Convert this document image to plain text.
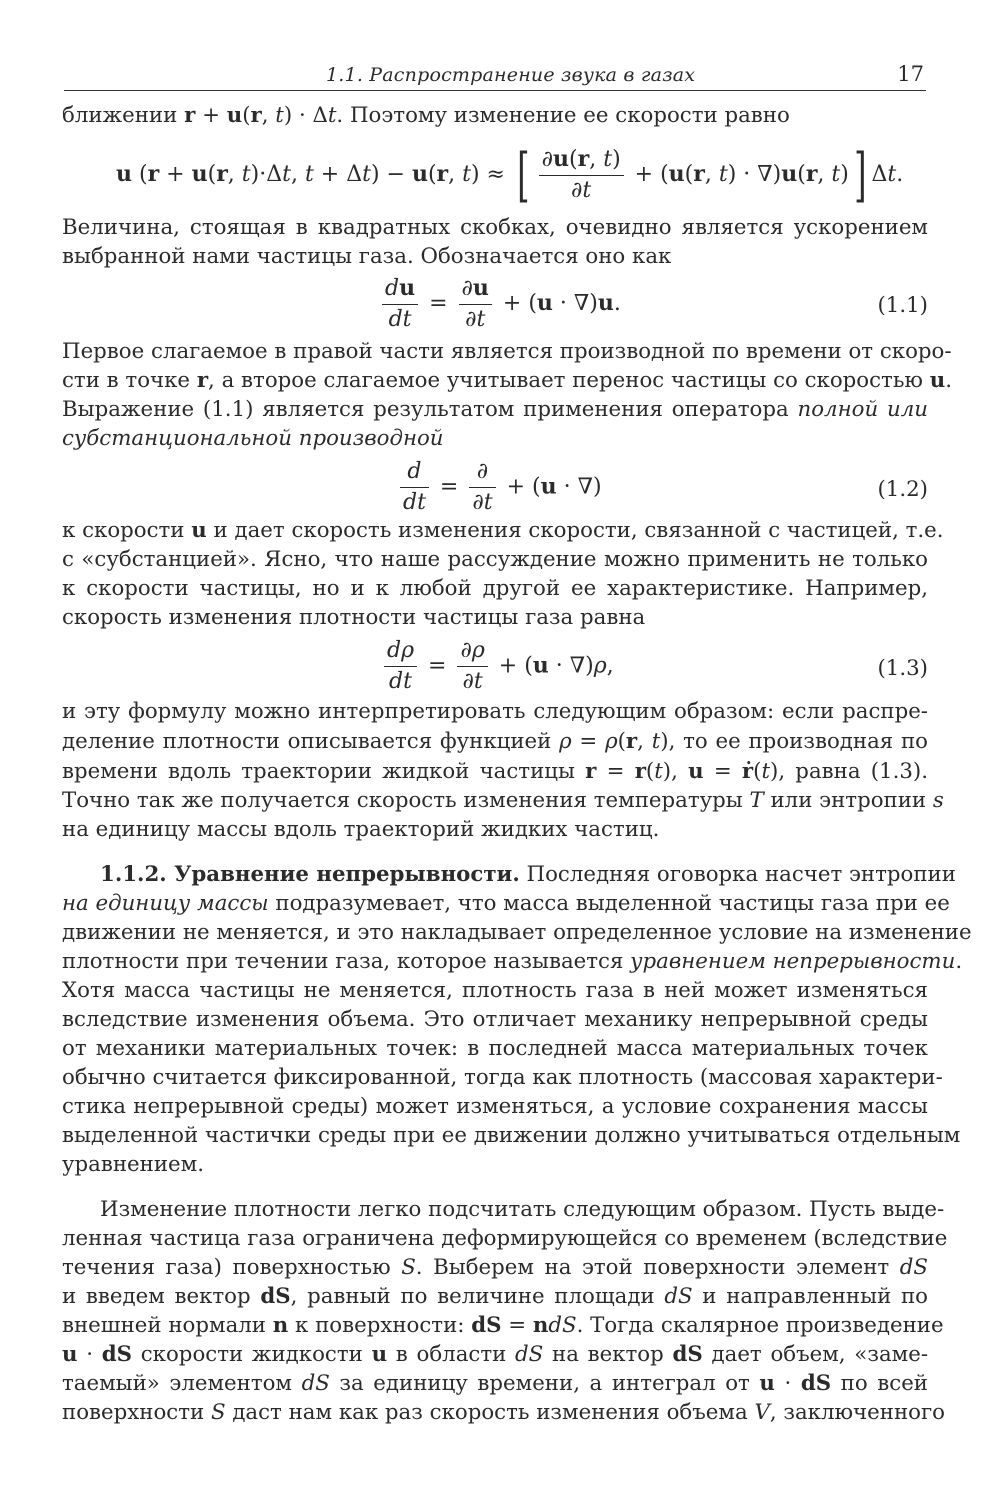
1.1. Распространение звука в газах	17
ближении r + u(r, t) · Δt. Поэтому изменение ее скорости равно
u (r + u(r, t)·Δt, t + Δt) − u(r, t) ≈ [ $\frac{\partial u(r, t)}{\partial t} + (u(r$, t) · ∇)u(r, t)] Δt.
Величина, стоящая в квадратных скобках, очевидно является ускорением
выбранной нами частицы газа. Обозначается оно как
$\frac{du}{dt} = \frac{\partial u}{\partial t} + (u \cdot \nabla)u$.	(1.1)
Первое слагаемое в правой части является производной по времени от скоро-
сти в точке r, а второе слагаемое учитывает перенос частицы со скоростью u.
Выражение (1.1) является результатом применения оператора полной или
субстанциональной производной
$\frac{d}{dt} = \frac{\partial}{\partial t} + (u$ · ∇)	(1.2)
к скорости u и дает скорость изменения скорости, связанной с частицей, т.е.
с «субстанцией». Ясно, что наше рассуждение можно применить не только
к скорости частицы, но и к любой другой ее характеристике. Например,
скорость изменения плотности частицы газа равна
$\frac{d\rho}{dt} = \frac{\partial\rho}{\partial t} + (u \cdot \nabla)\rho$,	(1.3)
и эту формулу можно интерпретировать следующим образом: если распре-
деление плотности описывается функцией ρ = ρ(r, t), то ее производная по
времени вдоль траектории жидкой частицы r = r(t), u = ṙ(t), равна (1.3).
Точно так же получается скорость изменения температуры T или энтропии s
на единицу массы вдоль траекторий жидких частиц.
1.1.2. Уравнение непрерывности. Последняя оговорка насчет энтропии
на единицу массы подразумевает, что масса выделенной частицы газа при ее
движении не меняется, и это накладывает определенное условие на изменение
плотности при течении газа, которое называется уравнением непрерывности.
Хотя масса частицы не меняется, плотность газа в ней может изменяться
вследствие изменения объема. Это отличает механику непрерывной среды
от механики материальных точек: в последней масса материальных точек
обычно считается фиксированной, тогда как плотность (массовая характери-
стика непрерывной среды) может изменяться, а условие сохранения массы
выделенной частички среды при ее движении должно учитываться отдельным
уравнением.
Изменение плотности легко подсчитать следующим образом. Пусть выде-
ленная частица газа ограничена деформирующейся со временем (вследствие
течения газа) поверхностью S. Выберем на этой поверхности элемент dS
и введем вектор dS, равный по величине площади dS и направленный по
внешней нормали n к поверхности: dS = ndS. Тогда скалярное произведение
u · dS скорости жидкости u в области dS на вектор dS дает объем, «заме-
таемый» элементом dS за единицу времени, а интеграл от u · dS по всей
поверхности S даст нам как раз скорость изменения объема V, заключенного
